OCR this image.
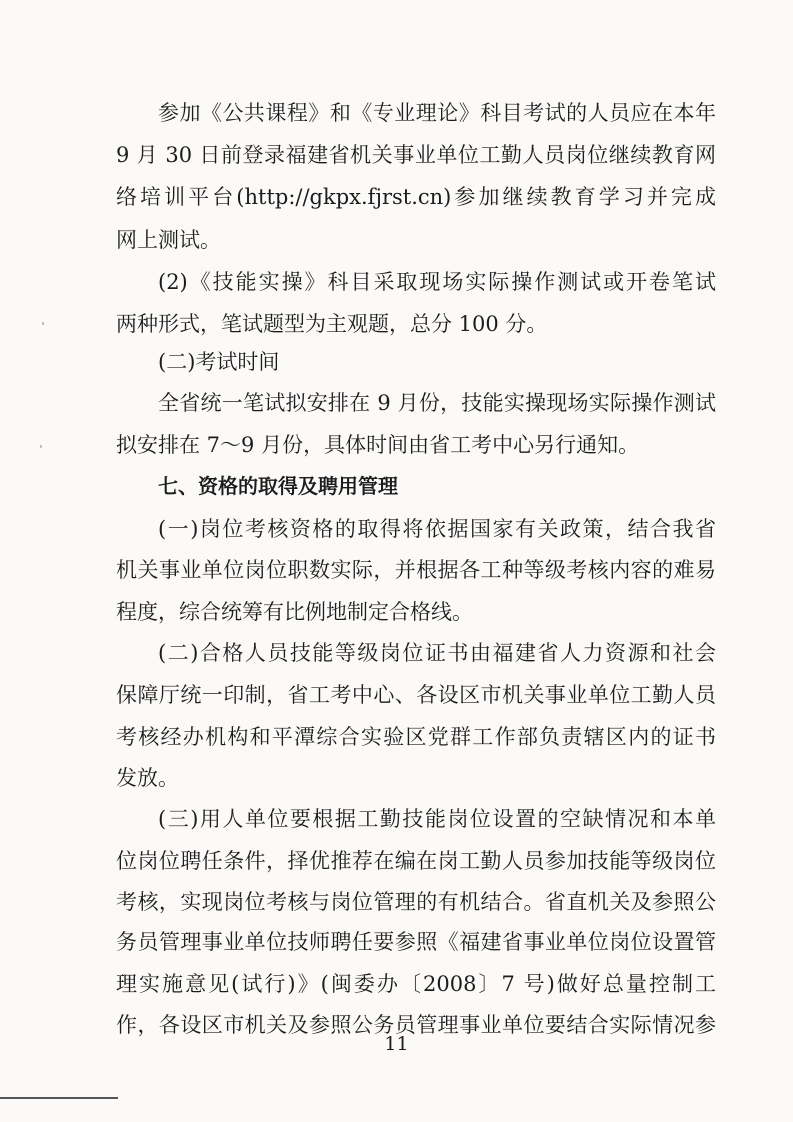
参加《公共课程》和《专业理论》科目考试的人员应在本年
9 月 30 日前登录福建省机关事业单位工勤人员岗位继续教育网
络培训平台(http://gkpx.fjrst.cn)参加继续教育学习并完成
网上测试。
(2)《技能实操》科目采取现场实际操作测试或开卷笔试
两种形式，笔试题型为主观题，总分 100 分。
(二)考试时间
全省统一笔试拟安排在 9 月份，技能实操现场实际操作测试
拟安排在 7～9 月份，具体时间由省工考中心另行通知。
七、资格的取得及聘用管理
(一)岗位考核资格的取得将依据国家有关政策，结合我省
机关事业单位岗位职数实际，并根据各工种等级考核内容的难易
程度，综合统筹有比例地制定合格线。
(二)合格人员技能等级岗位证书由福建省人力资源和社会
保障厅统一印制，省工考中心、各设区市机关事业单位工勤人员
考核经办机构和平潭综合实验区党群工作部负责辖区内的证书
发放。
(三)用人单位要根据工勤技能岗位设置的空缺情况和本单
位岗位聘任条件，择优推荐在编在岗工勤人员参加技能等级岗位
考核，实现岗位考核与岗位管理的有机结合。省直机关及参照公
务员管理事业单位技师聘任要参照《福建省事业单位岗位设置管
理实施意见(试行)》(闽委办〔2008〕7 号)做好总量控制工
作，各设区市机关及参照公务员管理事业单位要结合实际情况参
11
